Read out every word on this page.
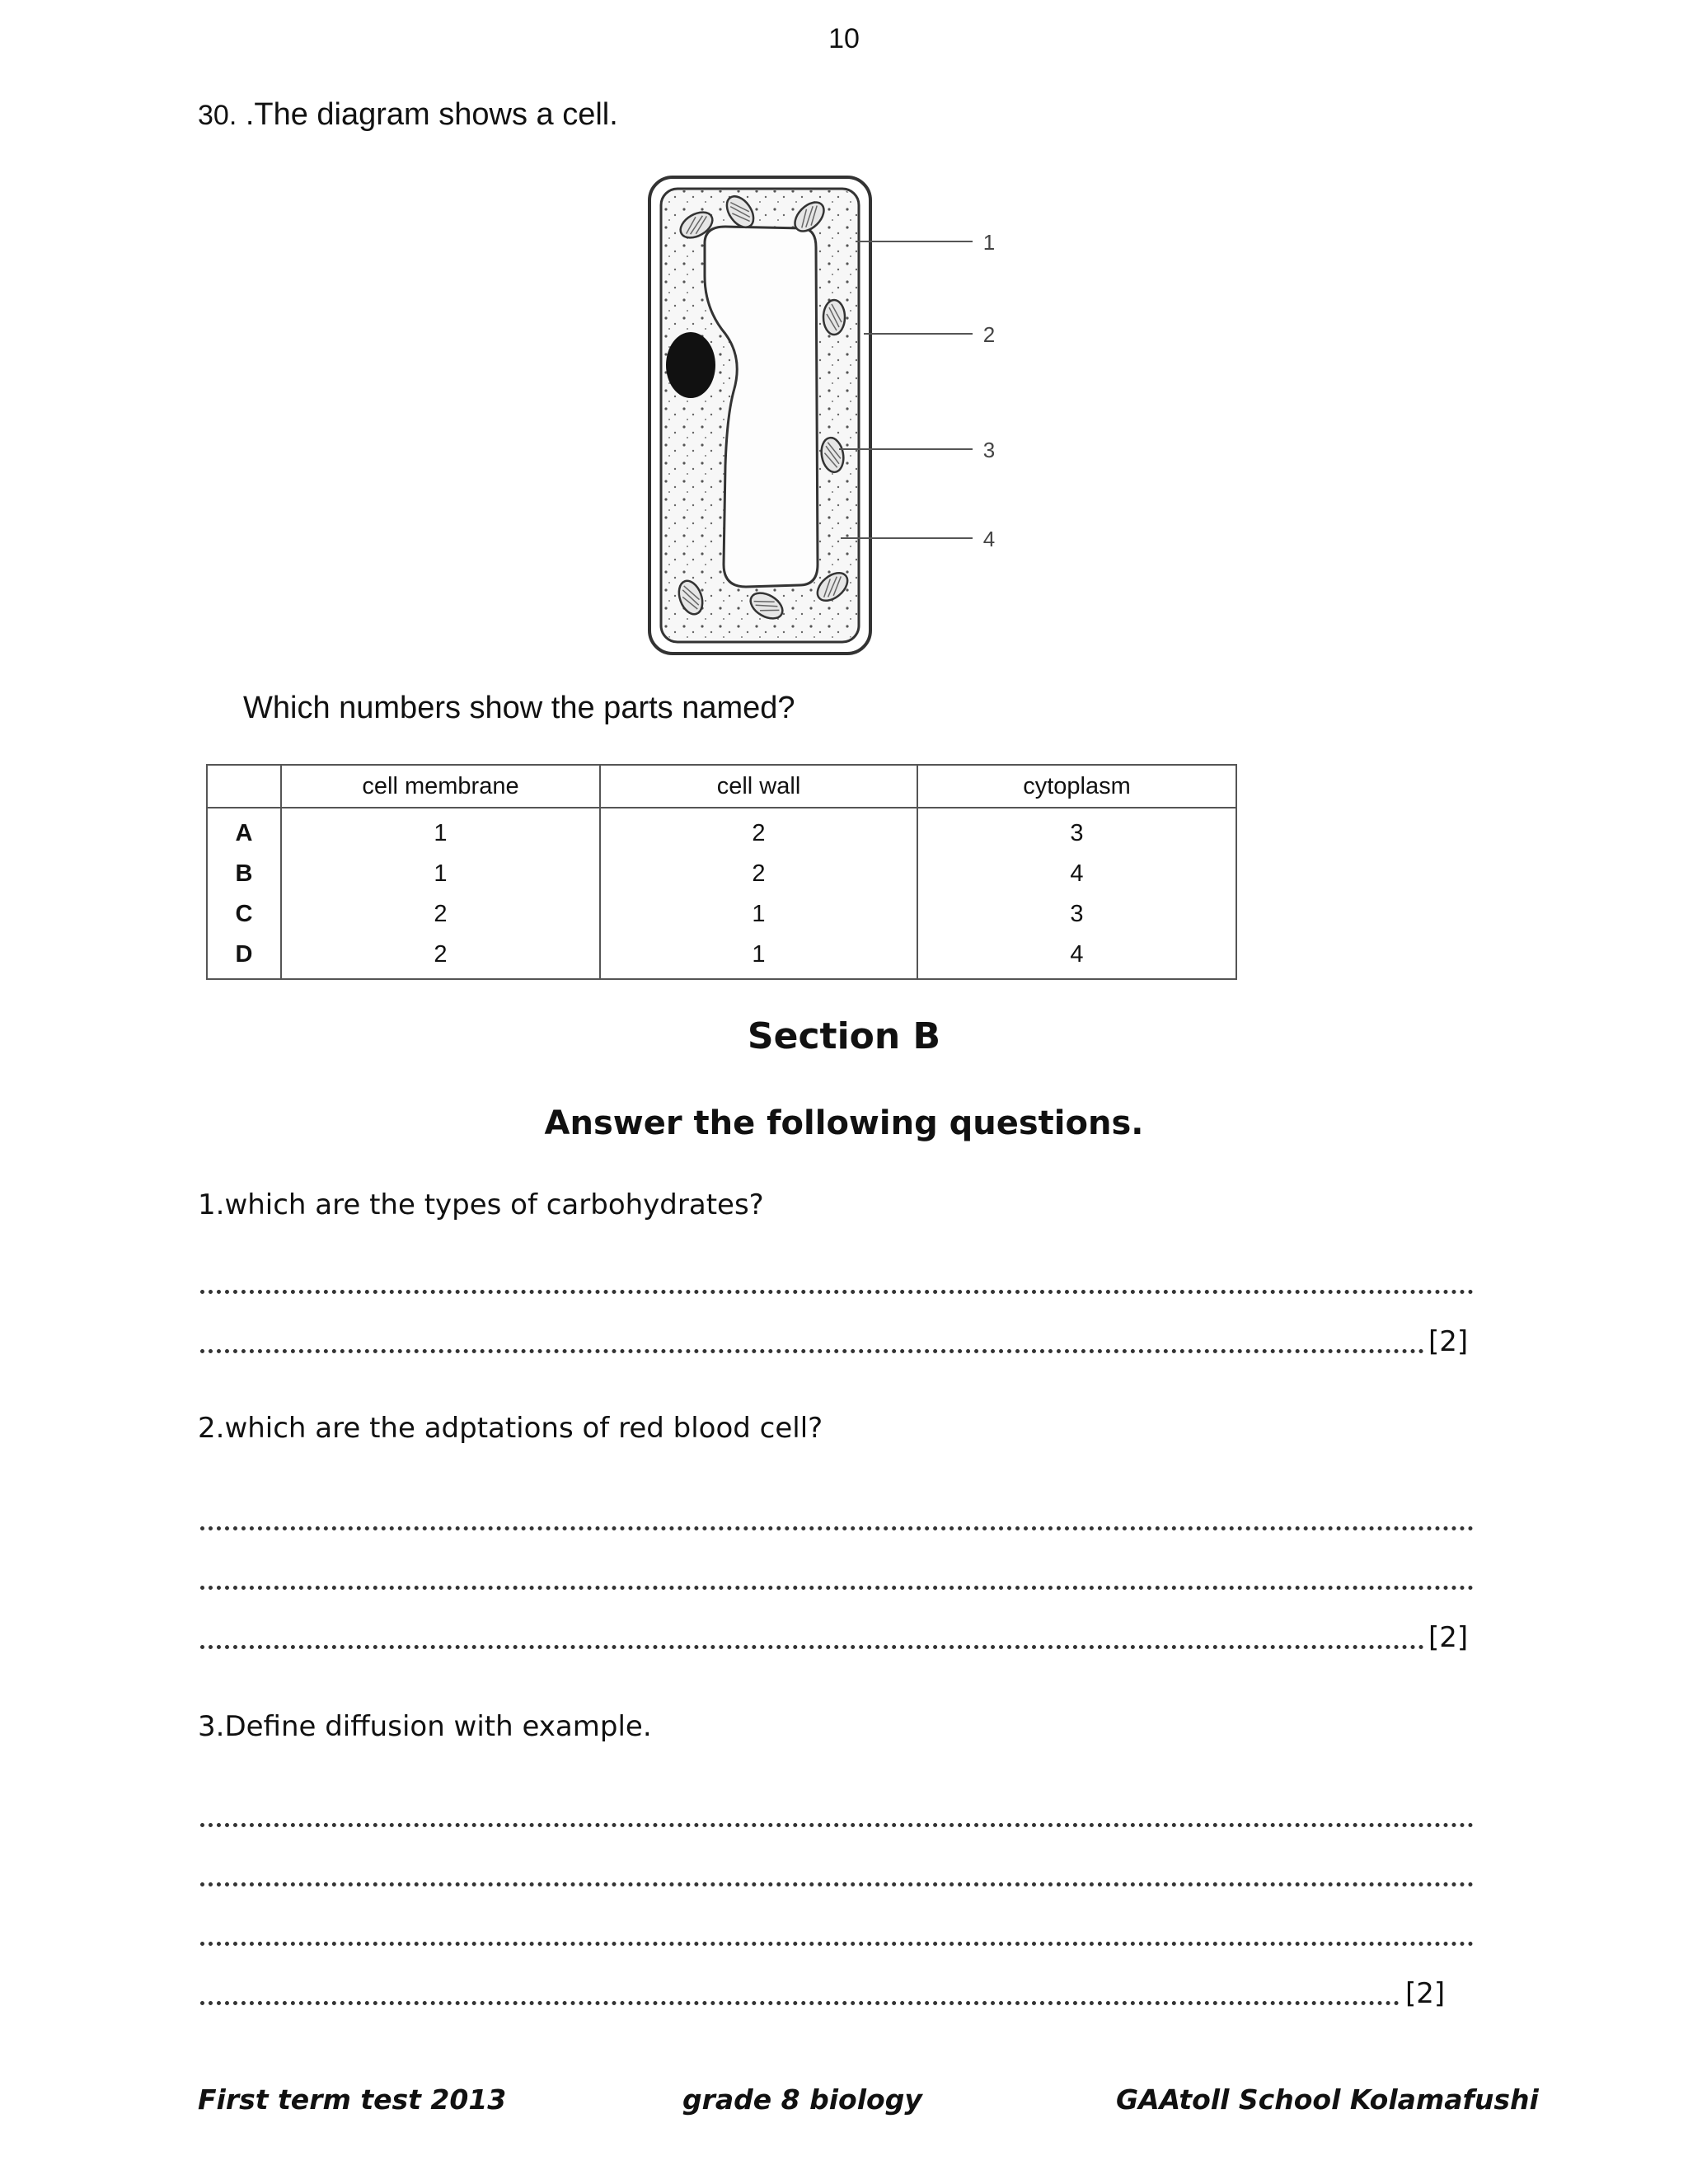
10
30. .The diagram shows a cell.
1
2
3
4
Which numbers show the parts named?
	cell membrane	cell wall	cytoplasm
A	1	2	3
B	1	2	4
C	2	1	3
D	2	1	4
Section B
Answer the following questions.
1.which are the types of carbohydrates?
[2]
2.which are the adptations of red blood cell?
[2]
3.Define diffusion with example.
[2]
First term test 2013	grade 8 biology	GAAtoll School Kolamafushi
